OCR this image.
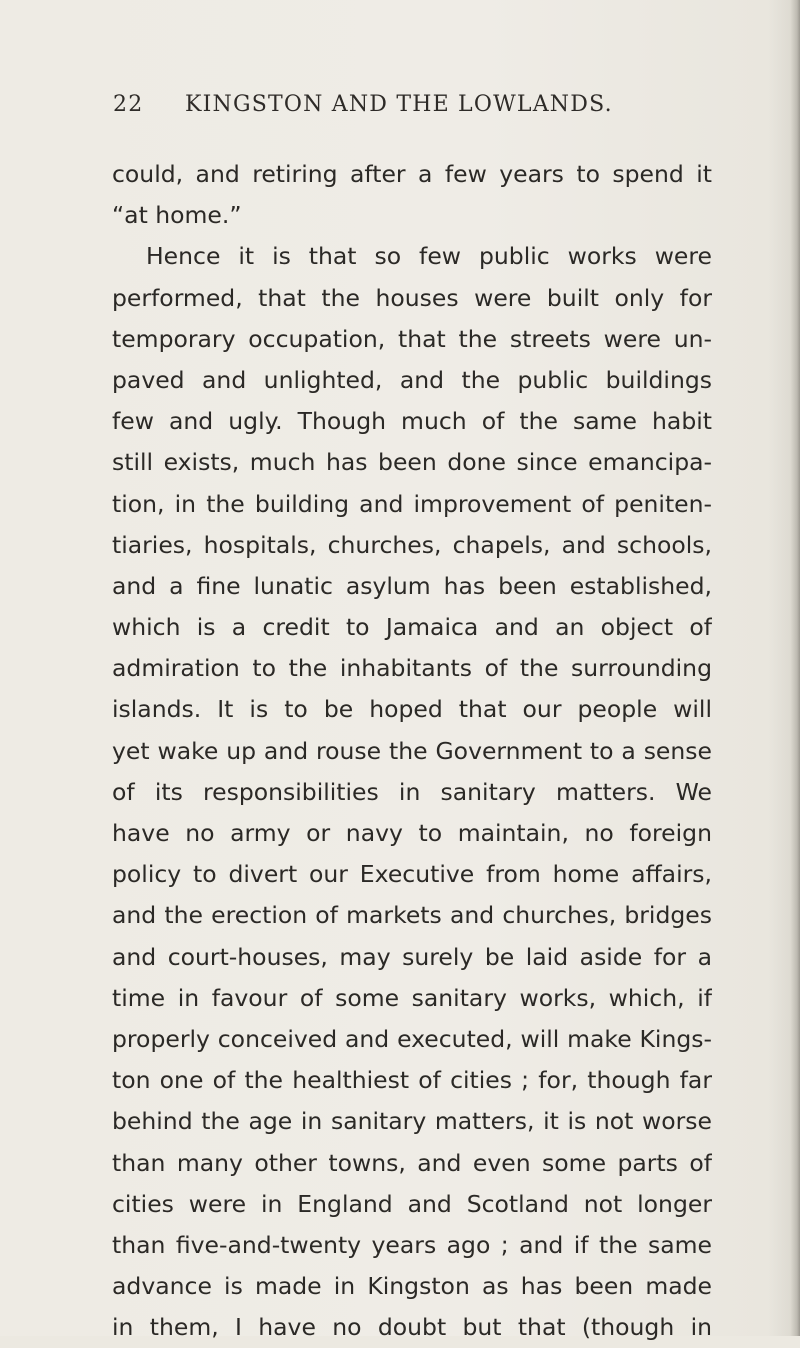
22 KINGSTON AND THE LOWLANDS.
could, and retiring after a few years to spend it
“at home.”
Hence it is that so few public works were
performed, that the houses were built only for
temporary occupation, that the streets were un-
paved and unlighted, and the public buildings
few and ugly. Though much of the same habit
still exists, much has been done since emancipa-
tion, in the building and improvement of peniten-
tiaries, hospitals, churches, chapels, and schools,
and a fine lunatic asylum has been established,
which is a credit to Jamaica and an object of
admiration to the inhabitants of the surrounding
islands. It is to be hoped that our people will
yet wake up and rouse the Government to a sense
of its responsibilities in sanitary matters. We
have no army or navy to maintain, no foreign
policy to divert our Executive from home affairs,
and the erection of markets and churches, bridges
and court-houses, may surely be laid aside for a
time in favour of some sanitary works, which, if
properly conceived and executed, will make Kings-
ton one of the healthiest of cities ; for, though far
behind the age in sanitary matters, it is not worse
than many other towns, and even some parts of
cities were in England and Scotland not longer
than five-and-twenty years ago ; and if the same
advance is made in Kingston as has been made
in them, I have no doubt but that (though in
